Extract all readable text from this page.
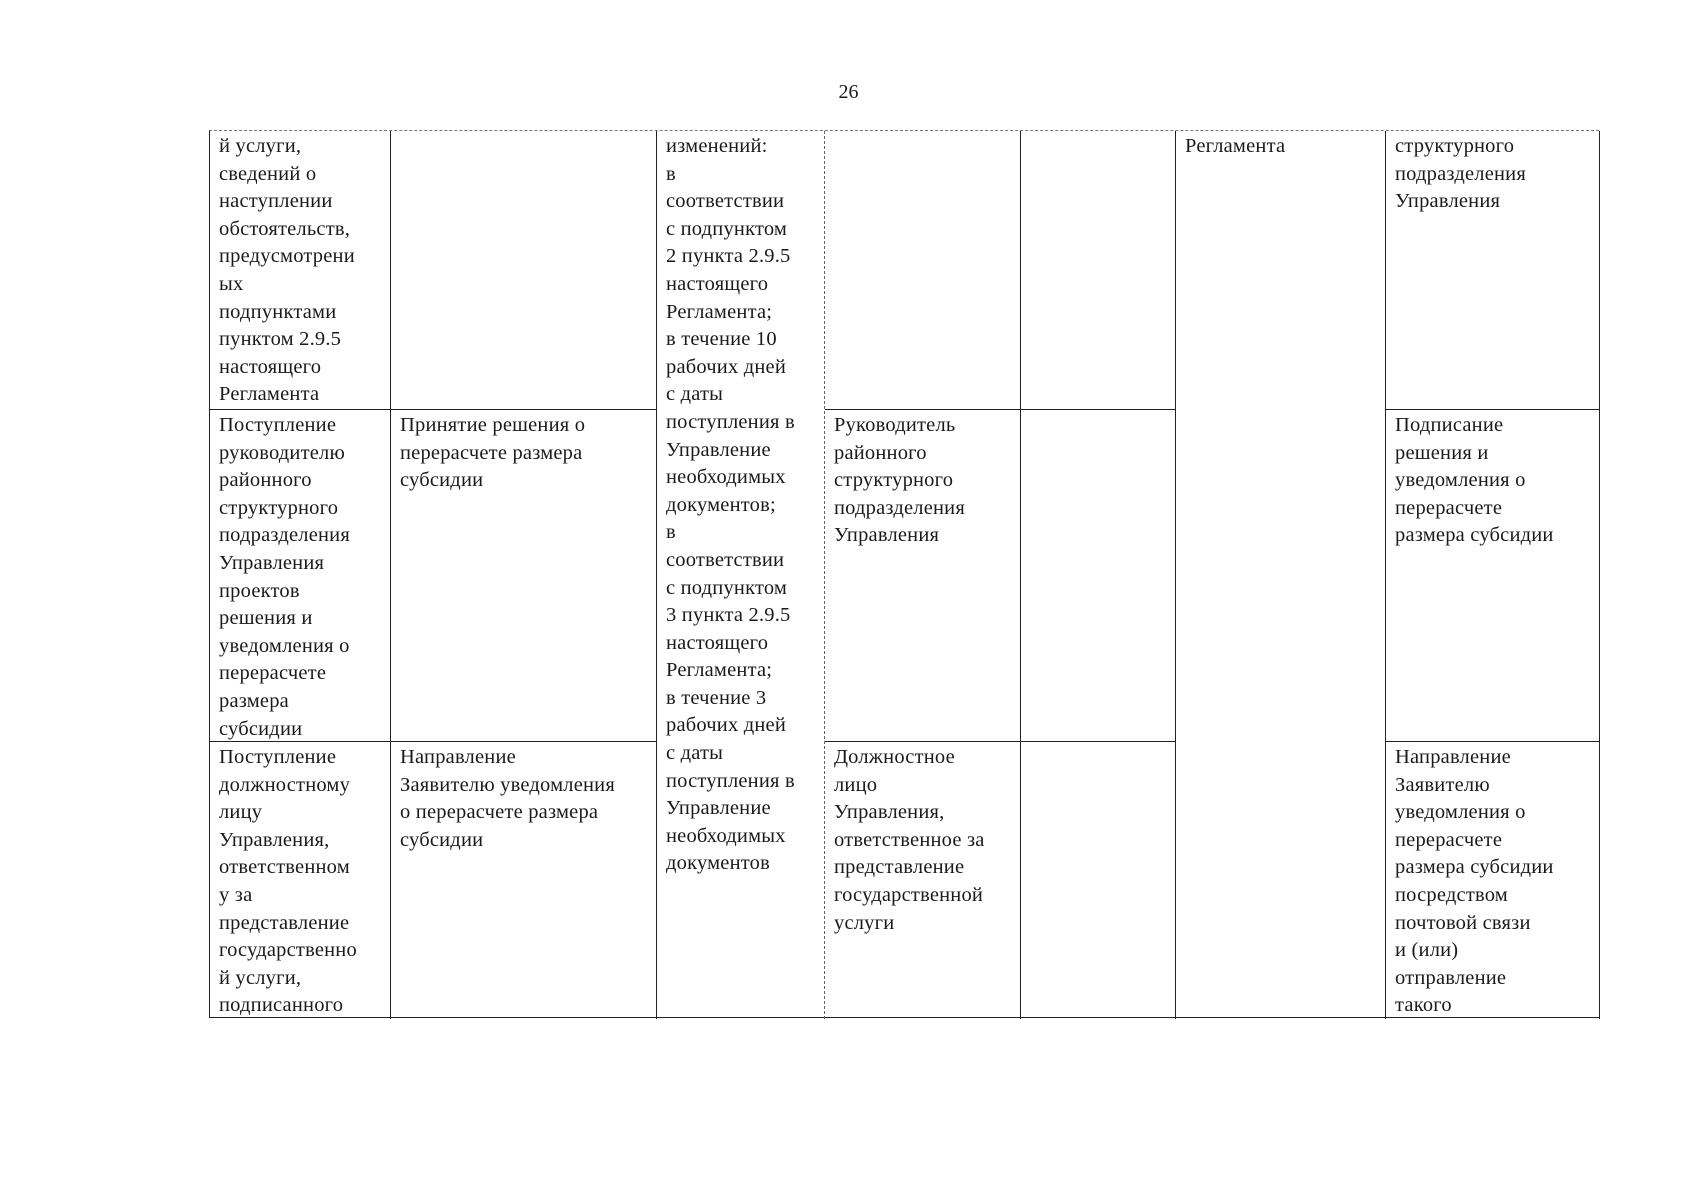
26
й услуги,
сведений о
наступлении
обстоятельств,
предусмотрени
ых
подпунктами
пунктом 2.9.5
настоящего
Регламента
изменений:
в
соответствии
с подпунктом
2 пункта 2.9.5
настоящего
Регламента;
в течение 10
рабочих дней
с даты
поступления в
Управление
необходимых
документов;
в
соответствии
с подпунктом
3 пункта 2.9.5
настоящего
Регламента;
в течение 3
рабочих дней
с даты
поступления в
Управление
необходимых
документов
Регламента	структурного
подразделения
Управления
Поступление
руководителю
районного
структурного
подразделения
Управления
проектов
решения и
уведомления о
перерасчете
размера
субсидии
Принятие решения о
перерасчете размера
субсидии
Руководитель
районного
структурного
подразделения
Управления
Подписание
решения и
уведомления о
перерасчете
размера субсидии
Поступление
должностному
лицу
Управления,
ответственном
у за
представление
государственно
й услуги,
подписанного
Направление
Заявителю уведомления
о перерасчете размера
субсидии
Должностное
лицо
Управления,
ответственное за
представление
государственной
услуги
Направление
Заявителю
уведомления о
перерасчете
размера субсидии
посредством
почтовой связи
и (или)
отправление
такого
